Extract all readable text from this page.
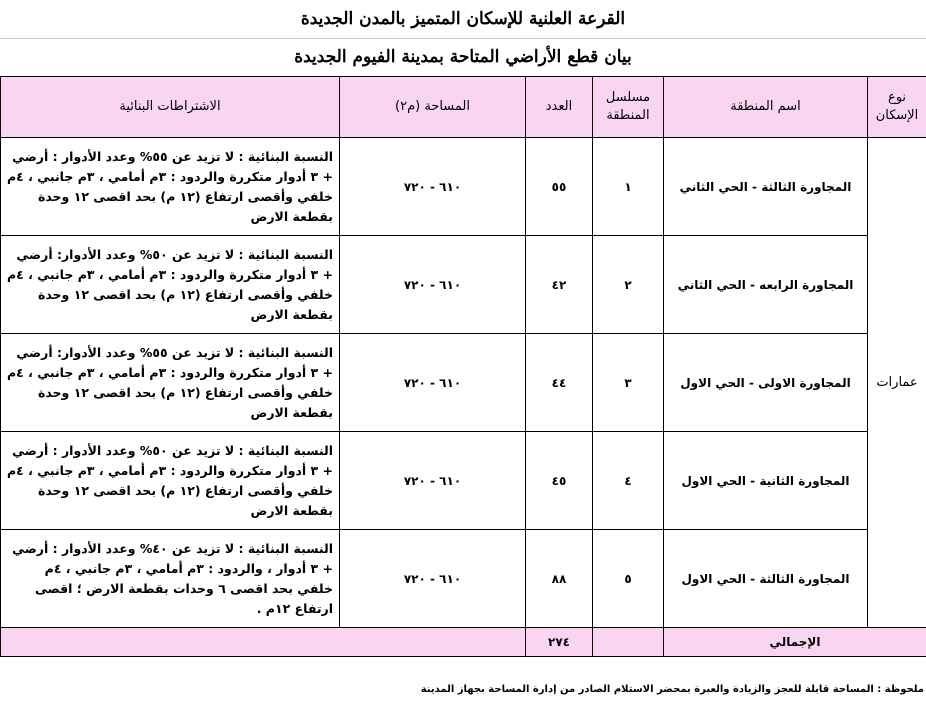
القرعة العلنية للإسكان المتميز بالمدن الجديدة
بيان قطع الأراضي المتاحة بمدينة الفيوم الجديدة
نوع الإسكان	اسم المنطقة	مسلسل المنطقة	العدد	المساحة (م٢)	الاشتراطات البنائية
عمارات	المجاورة الثالثة - الحي الثاني	١	٥٥	٦١٠ - ٧٢٠	النسبة البنائية : لا تزيد عن ٥٥% وعدد الأدوار : أرضي + ٣ أدوار متكررة والردود : ٣م أمامي ، ٣م جانبي ، ٤م خلفي وأقصى ارتفاع (١٢ م) بحد اقصى ١٢ وحدة بقطعة الارض
	المجاورة الرابعه - الحي الثاني	٢	٤٢	٦١٠ - ٧٢٠	النسبة البنائية : لا تزيد عن ٥٠% وعدد الأدوار: أرضي + ٣ أدوار متكررة والردود : ٣م أمامي ، ٣م جانبي ، ٤م خلفي وأقصى ارتفاع (١٢ م) بحد اقصى ١٢ وحدة بقطعة الارض
	المجاورة الاولى - الحي الاول	٣	٤٤	٦١٠ - ٧٢٠	النسبة البنائية : لا تزيد عن ٥٥% وعدد الأدوار: أرضي + ٣ أدوار متكررة والردود : ٣م أمامي ، ٣م جانبي ، ٤م خلفي وأقصى ارتفاع (١٢ م) بحد اقصى ١٢ وحدة بقطعة الارض
	المجاورة الثانية - الحي الاول	٤	٤٥	٦١٠ - ٧٢٠	النسبة البنائية : لا تزيد عن ٥٠% وعدد الأدوار : أرضي + ٣ أدوار متكررة والردود : ٣م أمامي ، ٣م جانبي ، ٤م خلفي وأقصى ارتفاع (١٢ م) بحد اقصى ١٢ وحدة بقطعة الارض
	المجاورة الثالثة - الحي الاول	٥	٨٨	٦١٠ - ٧٢٠	النسبة البنائية : لا تزيد عن ٤٠% وعدد الأدوار : أرضي + ٣ أدوار ، والردود : ٣م أمامي ، ٣م جانبي ، ٤م خلفي بحد اقصى ٦ وحدات بقطعة الارض ؛ اقصى ارتفاع ١٢م .
الإجمالي			٢٧٤		
ملحوظة : المساحة قابلة للعجز والزيادة والعبرة بمحضر الاستلام الصادر من إدارة المساحة بجهاز المدينة
